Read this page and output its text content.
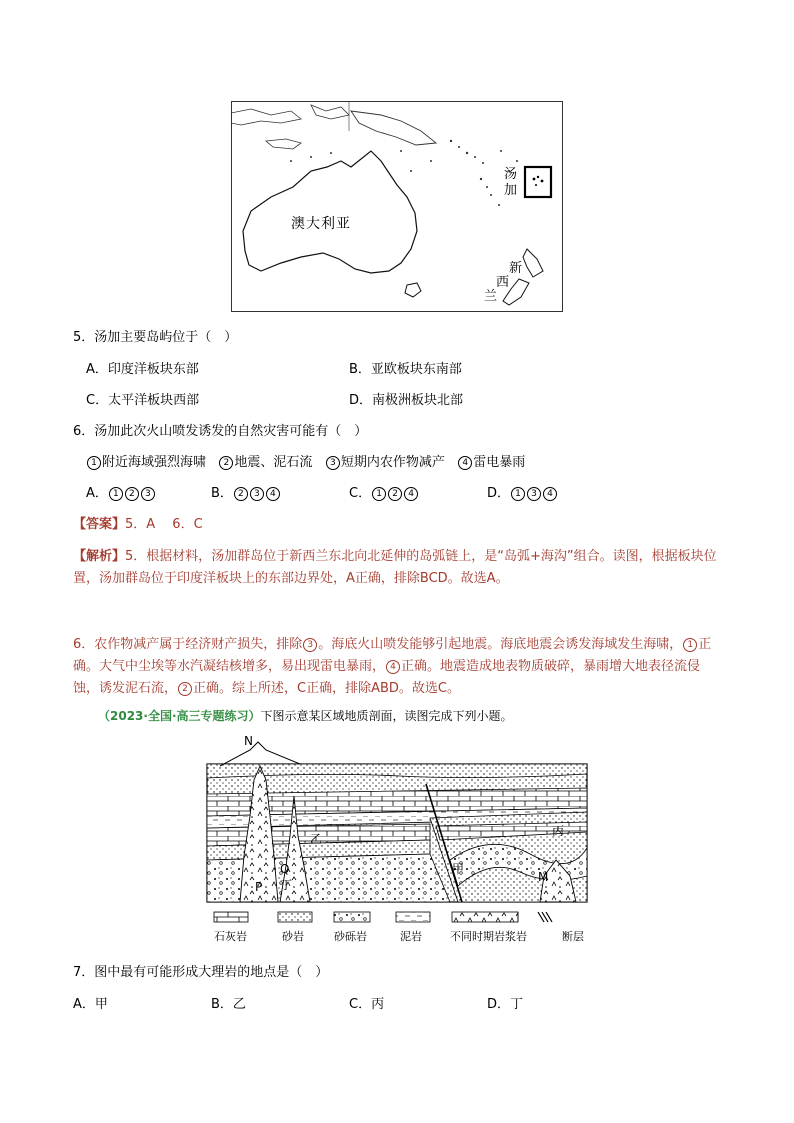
澳大利亚
汤
加
新
西
兰
5．汤加主要岛屿位于（　）
A．印度洋板块东部	B．亚欧板块东南部
C．太平洋板块西部	D．南极洲板块北部
6．汤加此次火山喷发诱发的自然灾害可能有（　）
1 附近海域强烈海啸 2 地震、泥石流 3 短期内农作物减产 4 雷电暴雨
A． 1 2 3	B． 2 3 4	C． 1 2 4	D． 1 3 4
【答案】5．A　 6．C
【解析】5．根据材料，汤加群岛位于新西兰东北向北延伸的岛弧链上，是“岛弧+海沟”组合。读图，根据板块位置，汤加群岛位于印度洋板块上的东部边界处，A正确，排除BCD。故选A。
6．农作物减产属于经济财产损失，排除 3 。海底火山喷发能够引起地震。海底地震会诱发海域发生海啸， 1 正确。大气中尘埃等水汽凝结核增多，易出现雷电暴雨， 4 正确。地震造成地表物质破碎，暴雨增大地表径流侵蚀，诱发泥石流， 2 正确。综上所述，C正确，排除ABD。故选C。
（2023·全国·高三专题练习）下图示意某区域地质剖面，读图完成下列小题。
N
乙
丙
甲
Q
丁
P
M
石灰岩	砂岩	砂砾岩	泥岩	不同时期岩浆岩	断层
7．图中最有可能形成大理岩的地点是（　）
A．甲	B．乙	C．丙	D．丁
